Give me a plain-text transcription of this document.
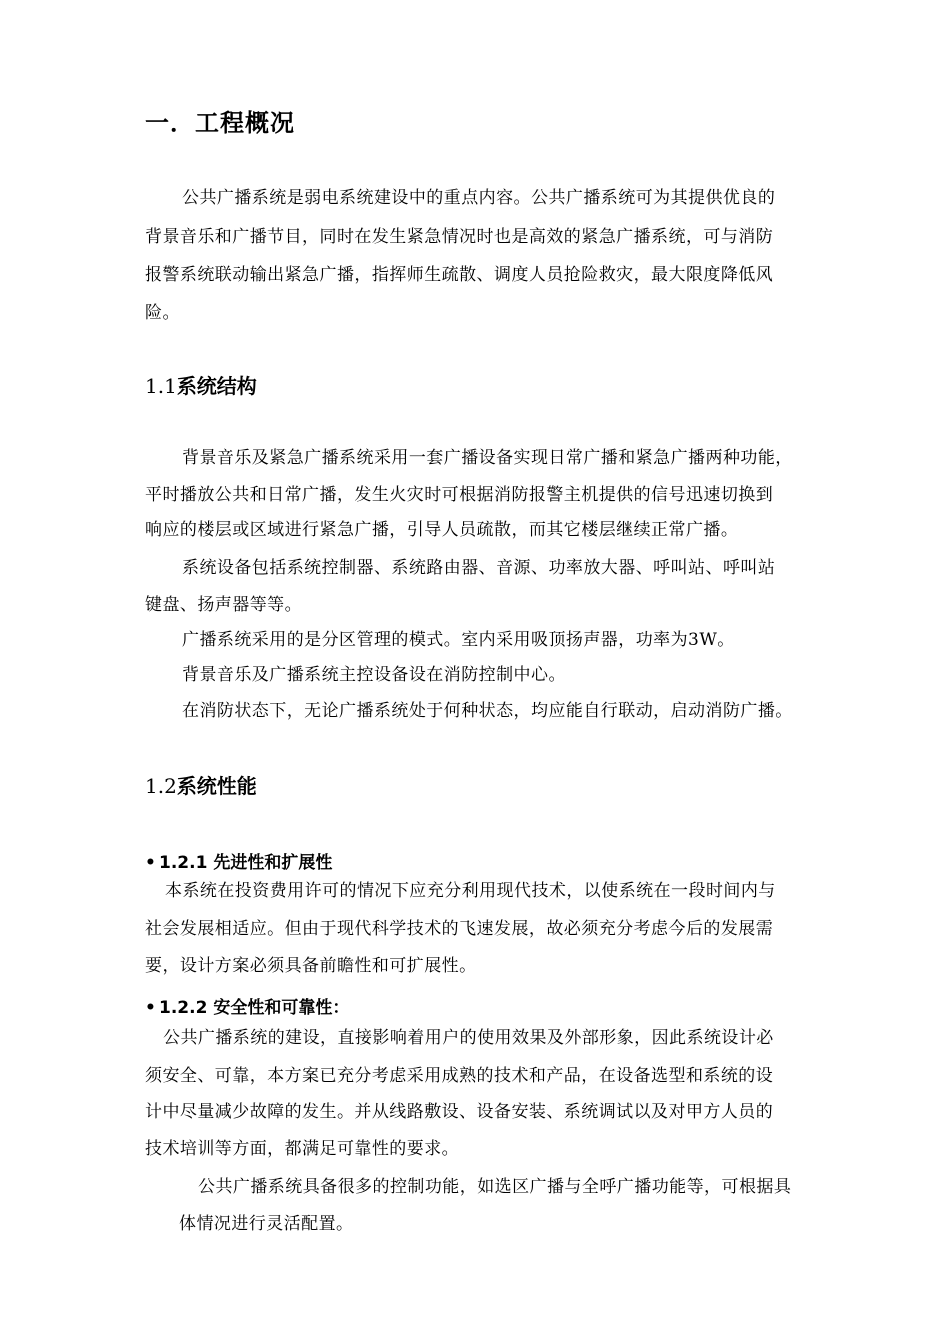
一．工程概况
公共广播系统是弱电系统建设中的重点内容。公共广播系统可为其提供优良的
背景音乐和广播节目，同时在发生紧急情况时也是高效的紧急广播系统，可与消防
报警系统联动输出紧急广播，指挥师生疏散、调度人员抢险救灾，最大限度降低风
险。
1.1系统结构
背景音乐及紧急广播系统采用一套广播设备实现日常广播和紧急广播两种功能，
平时播放公共和日常广播，发生火灾时可根据消防报警主机提供的信号迅速切换到
响应的楼层或区域进行紧急广播，引导人员疏散，而其它楼层继续正常广播。
系统设备包括系统控制器、系统路由器、音源、功率放大器、呼叫站、呼叫站
键盘、扬声器等等。
广播系统采用的是分区管理的模式。室内采用吸顶扬声器，功率为3W。
背景音乐及广播系统主控设备设在消防控制中心。
在消防状态下，无论广播系统处于何种状态，均应能自行联动，启动消防广播。
1.2系统性能
• 1.2.1 先进性和扩展性
本系统在投资费用许可的情况下应充分利用现代技术，以使系统在一段时间内与
社会发展相适应。但由于现代科学技术的飞速发展，故必须充分考虑今后的发展需
要，设计方案必须具备前瞻性和可扩展性。
• 1.2.2 安全性和可靠性：
公共广播系统的建设，直接影响着用户的使用效果及外部形象，因此系统设计必
须安全、可靠，本方案已充分考虑采用成熟的技术和产品，在设备选型和系统的设
计中尽量减少故障的发生。并从线路敷设、设备安装、系统调试以及对甲方人员的
技术培训等方面，都满足可靠性的要求。
公共广播系统具备很多的控制功能，如选区广播与全呼广播功能等，可根据具
体情况进行灵活配置。
